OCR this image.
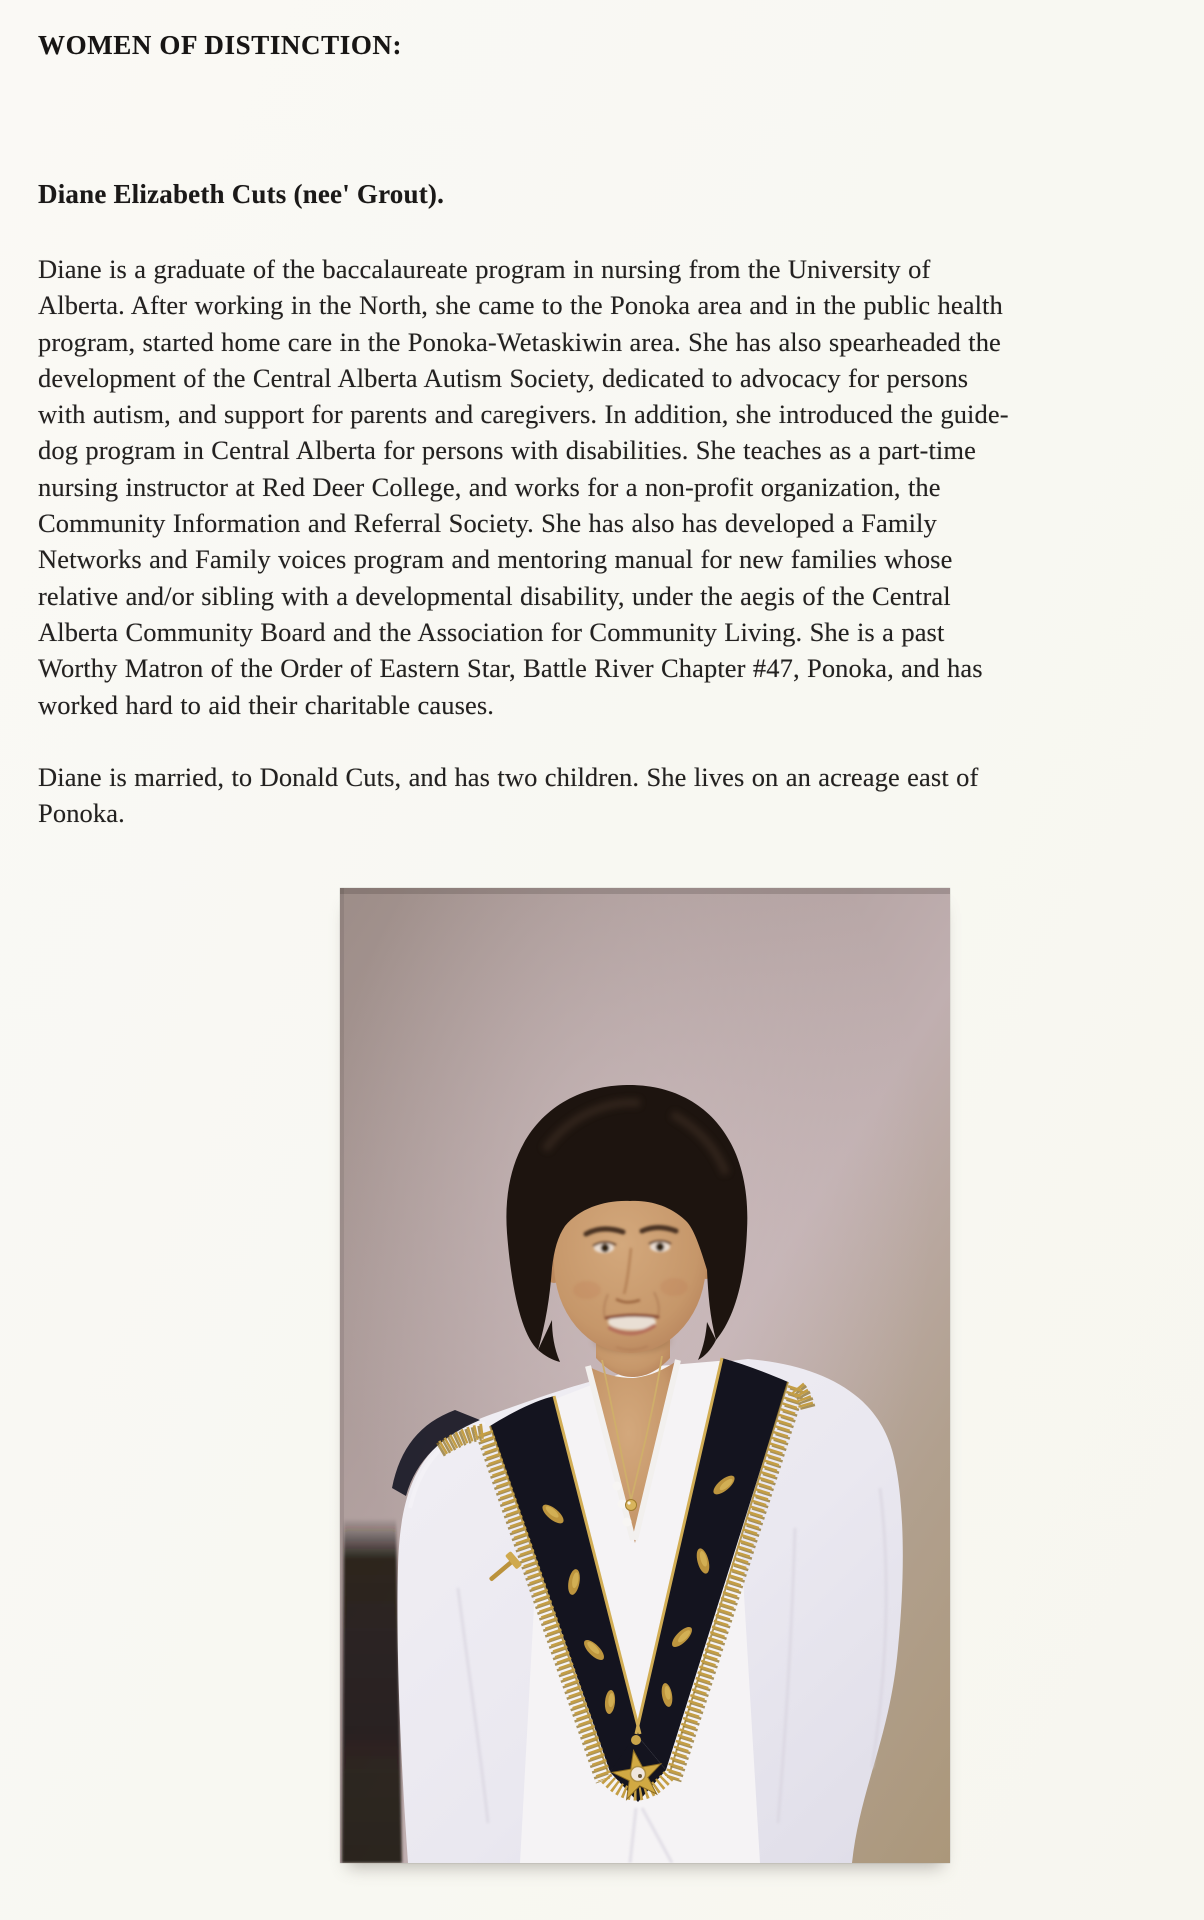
WOMEN OF DISTINCTION:
Diane Elizabeth Cuts (nee' Grout).
Diane is a graduate of the baccalaureate program in nursing from the University of
Alberta. After working in the North, she came to the Ponoka area and in the public health
program, started home care in the Ponoka-Wetaskiwin area. She has also spearheaded the
development of the Central Alberta Autism Society, dedicated to advocacy for persons
with autism, and support for parents and caregivers. In addition, she introduced the guide-
dog program in Central Alberta for persons with disabilities. She teaches as a part-time
nursing instructor at Red Deer College, and works for a non-profit organization, the
Community Information and Referral Society. She has also has developed a Family
Networks and Family voices program and mentoring manual for new families whose
relative and/or sibling with a developmental disability, under the aegis of the Central
Alberta Community Board and the Association for Community Living. She is a past
Worthy Matron of the Order of Eastern Star, Battle River Chapter #47, Ponoka, and has
worked hard to aid their charitable causes.
Diane is married, to Donald Cuts, and has two children. She lives on an acreage east of
Ponoka.
